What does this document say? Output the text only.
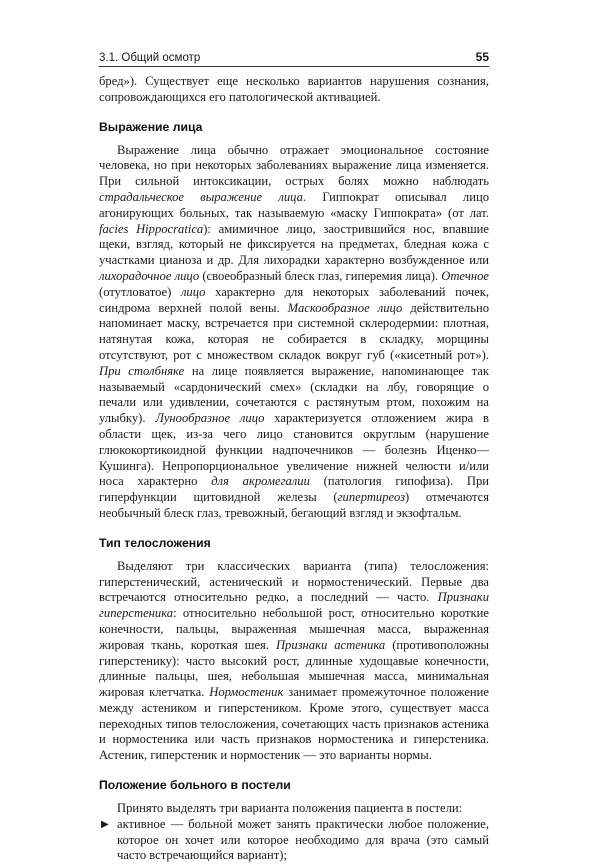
3.1. Общий осмотр	55

бред»). Существует еще несколько вариантов нарушения сознания, сопровождающихся его патологической активацией.

Выражение лица

Выражение лица обычно отражает эмоциональное состояние человека, но при некоторых заболеваниях выражение лица изменяется. При сильной интоксикации, острых болях можно наблюдать страдальческое выражение лица. Гиппократ описывал лицо агонирующих больных, так называемую «маску Гиппократа» (от лат. facies Hippocratica): амимичное лицо, заострившийся нос, впавшие щеки, взгляд, который не фиксируется на предметах, бледная кожа с участками цианоза и др. Для лихорадки характерно возбужденное или лихорадочное лицо (своеобразный блеск глаз, гиперемия лица). Отечное (отутловатое) лицо характерно для некоторых заболеваний почек, синдрома верхней полой вены. Маскообразное лицо действительно напоминает маску, встречается при системной склеродермии: плотная, натянутая кожа, которая не собирается в складку, морщины отсутствуют, рот с множеством складок вокруг губ («кисетный рот»). При столбняке на лице появляется выражение, напоминающее так называемый «сардонический смех» (складки на лбу, говорящие о печали или удивлении, сочетаются с растянутым ртом, похожим на улыбку). Лунообразное лицо характеризуется отложением жира в области щек, из-за чего лицо становится округлым (нарушение глюкокортикоидной функции надпочечников — болезнь Иценко—Кушинга). Непропорциональное увеличение нижней челюсти и/или носа характерно для акромегалии (патология гипофиза). При гиперфункции щитовидной железы (гипертиреоз) отмечаются необычный блеск глаз, тревожный, бегающий взгляд и экзофтальм.

Тип телосложения

Выделяют три классических варианта (типа) телосложения: гиперстенический, астенический и нормостенический. Первые два встречаются относительно редко, а последний — часто. Признаки гиперстеника: относительно небольшой рост, относительно короткие конечности, пальцы, выраженная мышечная масса, выраженная жировая ткань, короткая шея. Признаки астеника (противоположны гиперстенику): часто высокий рост, длинные худощавые конечности, длинные пальцы, шея, небольшая мышечная масса, минимальная жировая клетчатка. Нормостеник занимает промежуточное положение между астеником и гиперстеником. Кроме этого, существует масса переходных типов телосложения, сочетающих часть признаков астеника и нормостеника или часть признаков нормостеника и гиперстеника. Астеник, гиперстеник и нормостеник — это варианты нормы.

Положение больного в постели

Принято выделять три варианта положения пациента в постели:

▶ активное — больной может занять практически любое положение, которое он хочет или которое необходимо для врача (это самый часто встречающийся вариант);
